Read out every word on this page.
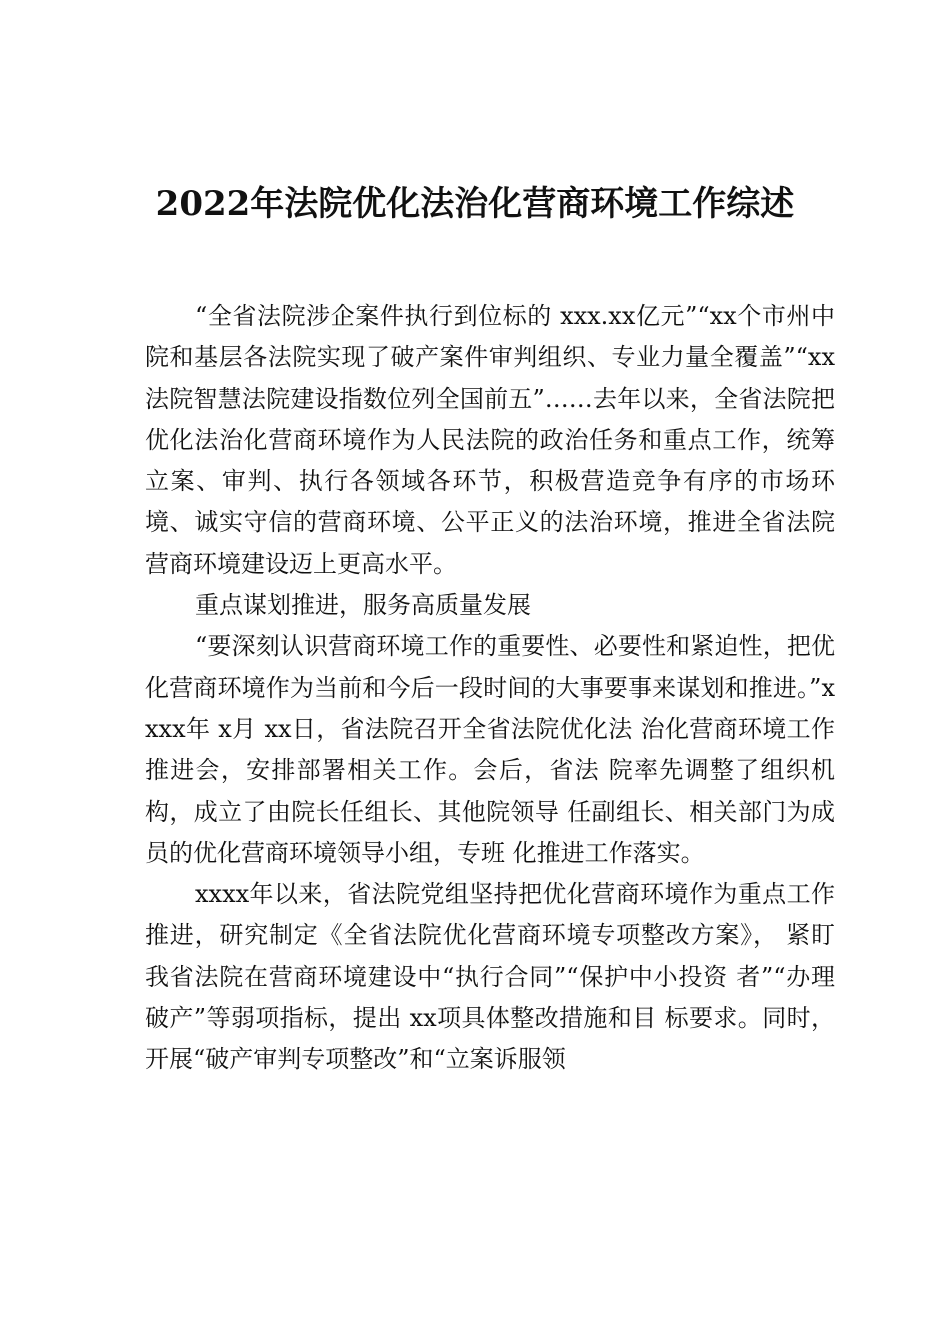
2022年法院优化法治化营商环境工作综述

“全省法院涉企案件执行到位标的 xxx.xx亿元”“xx个市州中院和基层各法院实现了破产案件审判组织、专业力量全覆盖”“xx 法院智慧法院建设指数位列全国前五”……去年以来，全省法院把优化法治化营商环境作为人民法院的政治任务和重点工作，统筹立案、审判、执行各领域各环节，积极营造竞争有序的市场环境、诚实守信的营商环境、公平正义的法治环境，推进全省法院营商环境建设迈上更高水平。

重点谋划推进，服务高质量发展

“要深刻认识营商环境工作的重要性、必要性和紧迫性，把优化营商环境作为当前和今后一段时间的大事要事来谋划和推进。”xxxx年 x月 xx日，省法院召开全省法院优化法 治化营商环境工作推进会，安排部署相关工作。会后，省法 院率先调整了组织机构，成立了由院长任组长、其他院领导 任副组长、相关部门为成员的优化营商环境领导小组，专班 化推进工作落实。

xxxx年以来，省法院党组坚持把优化营商环境作为重点工作推进，研究制定《全省法院优化营商环境专项整改方案》， 紧盯我省法院在营商环境建设中“执行合同”“保护中小投资 者”“办理破产”等弱项指标，提出 xx项具体整改措施和目 标要求。同时，开展“破产审判专项整改”和“立案诉服领
